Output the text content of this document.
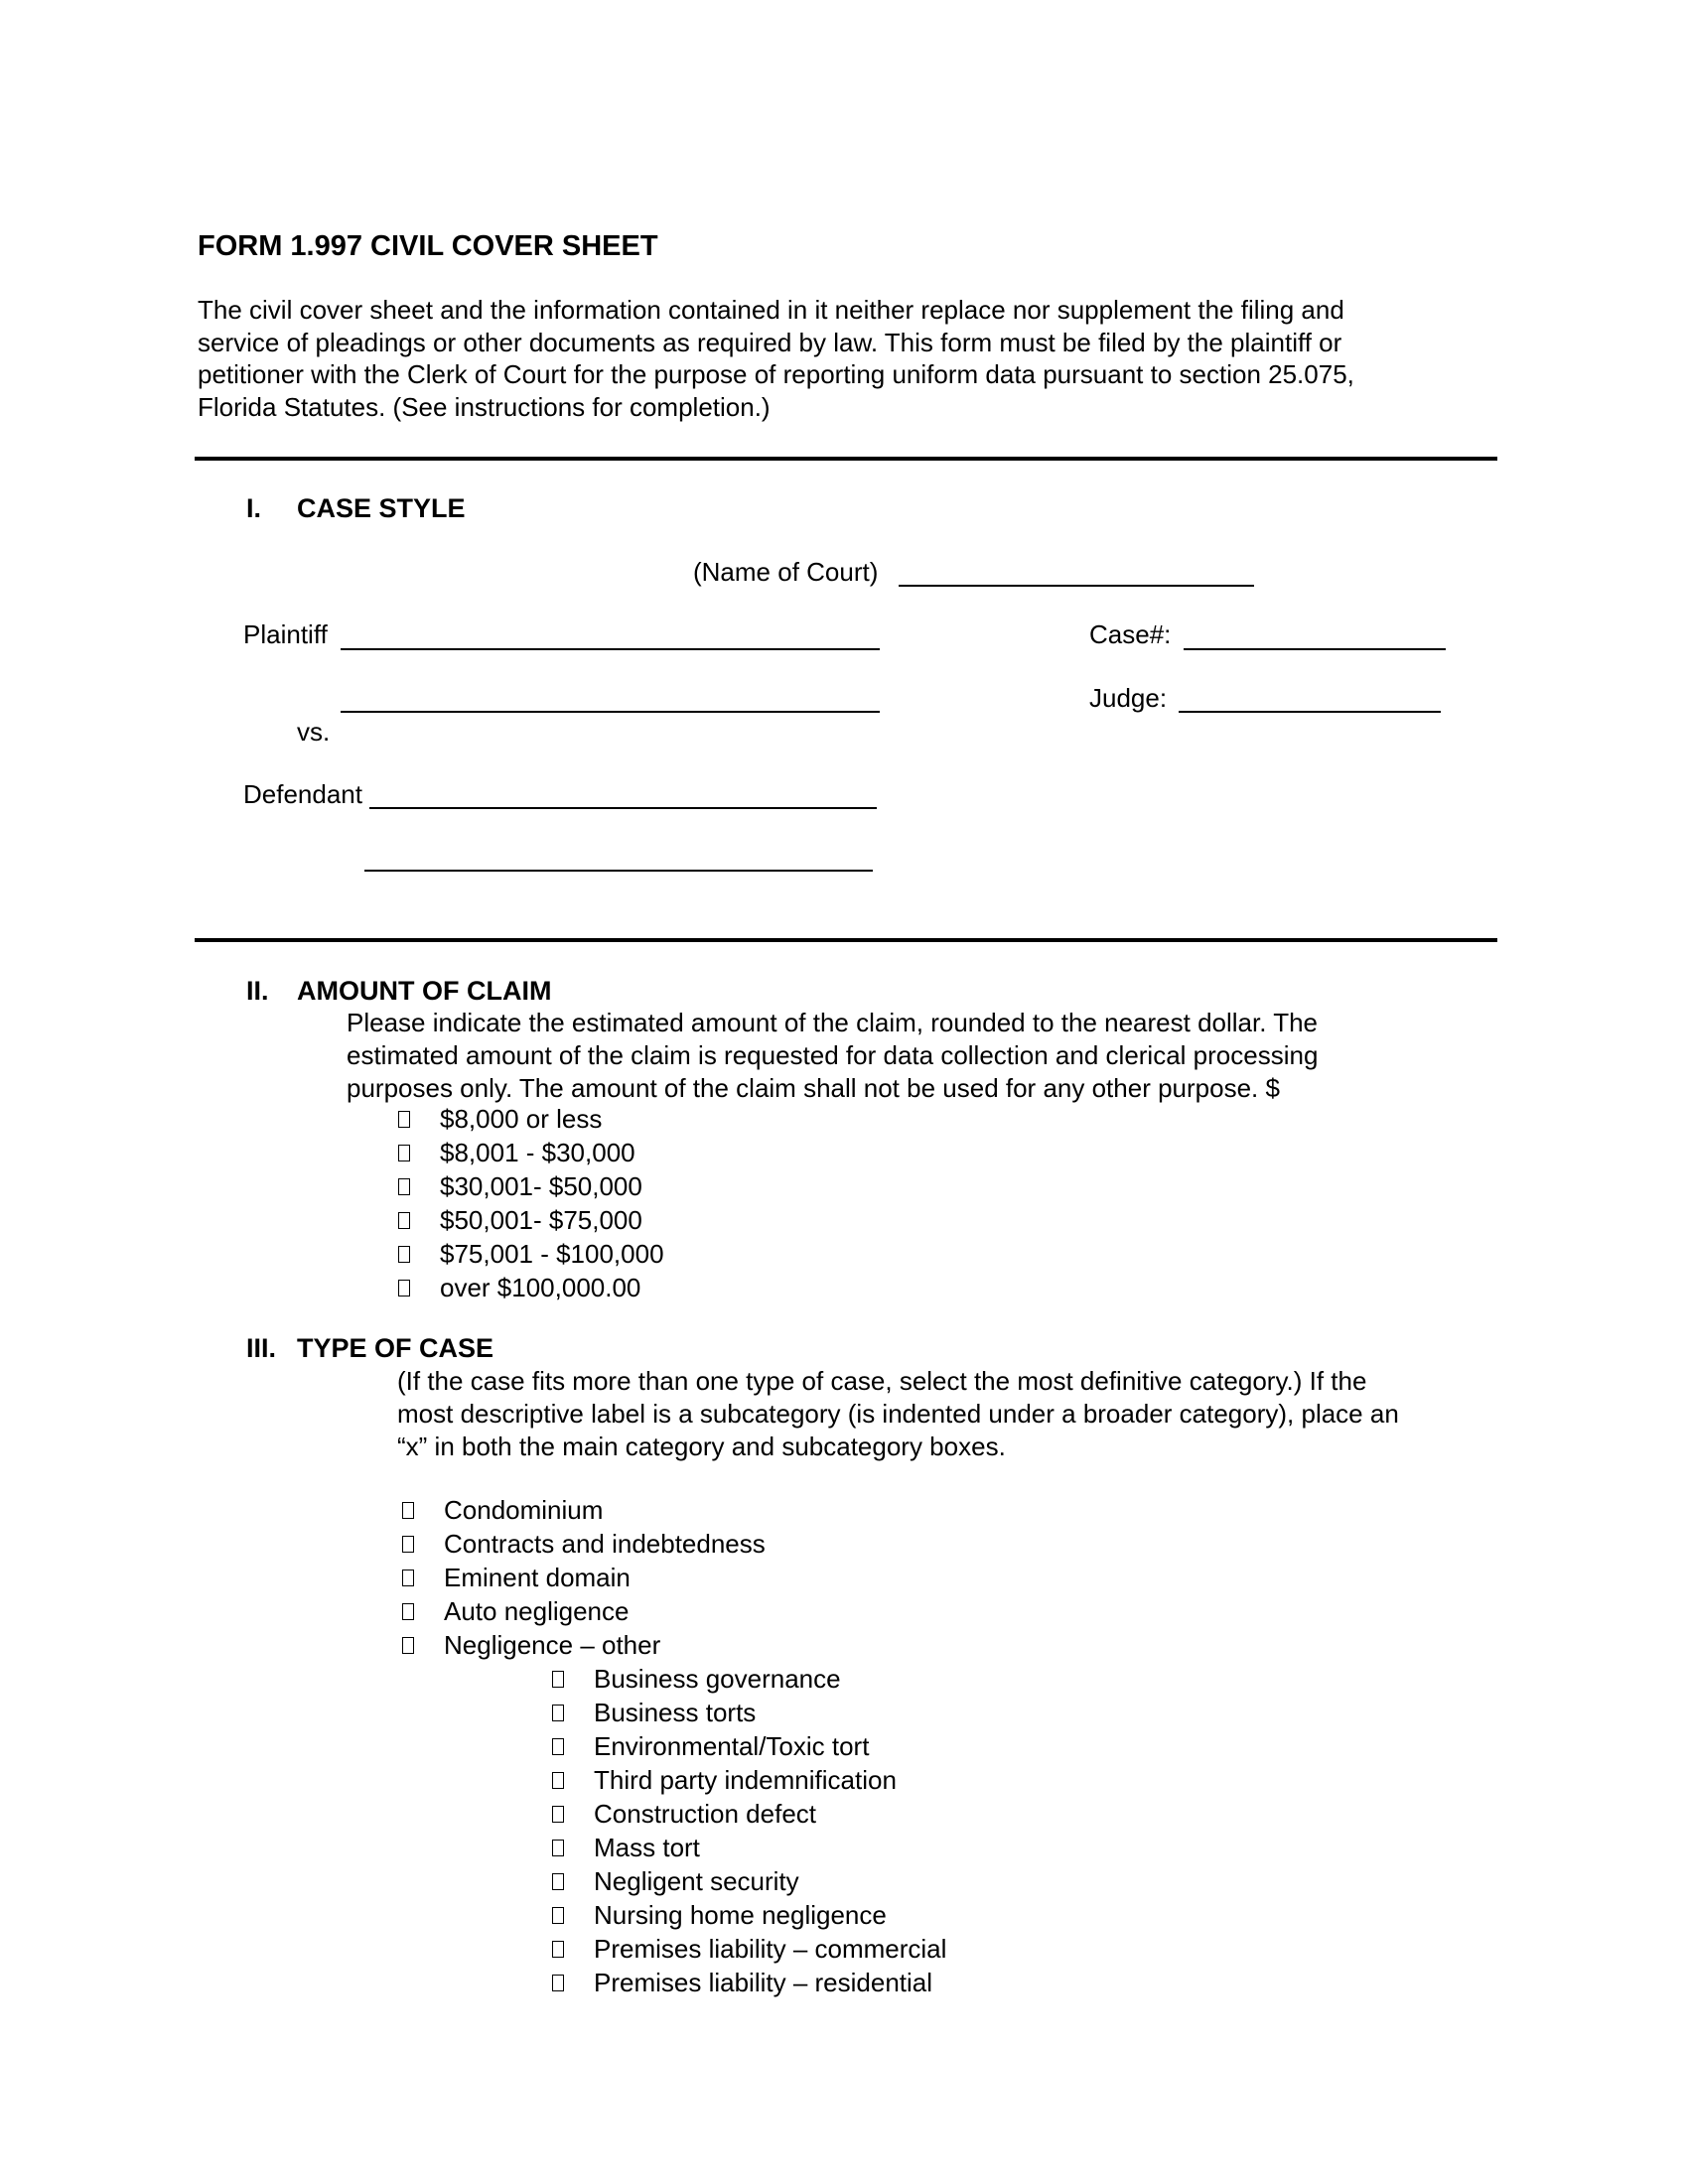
FORM 1.997 CIVIL COVER SHEET
The civil cover sheet and the information contained in it neither replace nor supplement the filing and
service of pleadings or other documents as required by law. This form must be filed by the plaintiff or
petitioner with the Clerk of Court for the purpose of reporting uniform data pursuant to section 25.075,
Florida Statutes. (See instructions for completion.)
I. CASE STYLE
(Name of Court)
Plaintiff	Case#:
Judge:
vs.
Defendant
II. AMOUNT OF CLAIM
Please indicate the estimated amount of the claim, rounded to the nearest dollar. The
estimated amount of the claim is requested for data collection and clerical processing
purposes only. The amount of the claim shall not be used for any other purpose. $
$8,000 or less
$8,001 - $30,000
$30,001- $50,000
$50,001- $75,000
$75,001 - $100,000
over $100,000.00
III. TYPE OF CASE
(If the case fits more than one type of case, select the most definitive category.) If the
most descriptive label is a subcategory (is indented under a broader category), place an
“x” in both the main category and subcategory boxes.
Condominium
Contracts and indebtedness
Eminent domain
Auto negligence
Negligence – other
Business governance
Business torts
Environmental/Toxic tort
Third party indemnification
Construction defect
Mass tort
Negligent security
Nursing home negligence
Premises liability – commercial
Premises liability – residential
